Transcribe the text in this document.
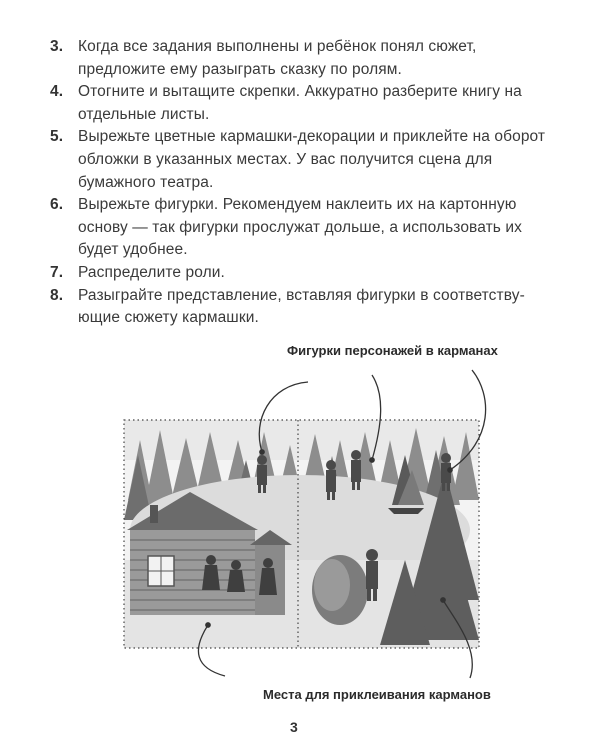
3. Когда все задания выполнены и ребёнок понял сюжет, предложите ему разыграть сказку по ролям.
4. Отогните и вытащите скрепки. Аккуратно разберите книгу на отдельные листы.
5. Вырежьте цветные кармашки-декорации и приклейте на оборот обложки в указанных местах. У вас получится сцена для бумажного театра.
6. Вырежьте фигурки. Рекомендуем наклеить их на картонную основу — так фигурки прослужат дольше, а использовать их будет удобнее.
7. Распределите роли.
8. Разыграйте представление, вставляя фигурки в соответству-ющие сюжету кармашки.
Фигурки персонажей в карманах
Места для приклеивания карманов
3
